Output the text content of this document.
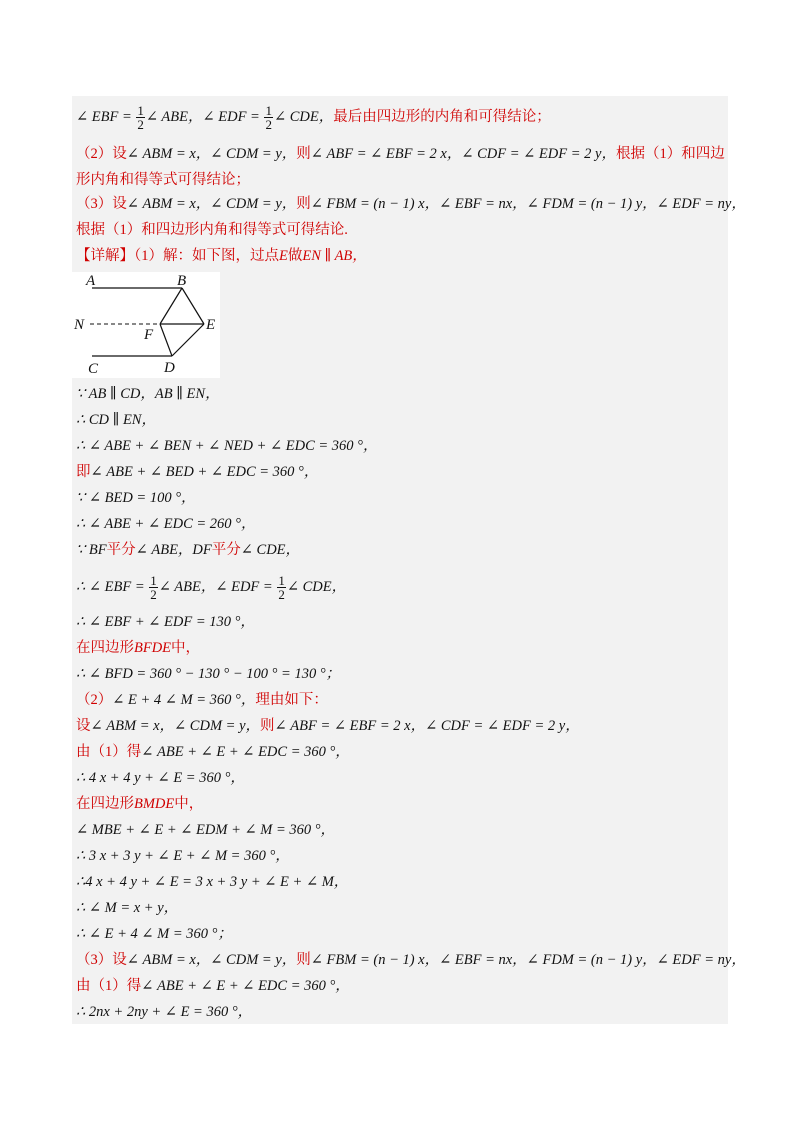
∠ EBF = $\frac{1}{2}$ ∠ ABE，∠ EDF = $\frac{1}{2}$ ∠ CDE，最后由四边形的内角和可得结论；
（2）设∠ ABM = x，∠ CDM = y，则∠ ABF = ∠ EBF = 2 x，∠ CDF = ∠ EDF = 2 y，根据（1）和四边
形内角和得等式可得结论；
（3）设∠ ABM = x，∠ CDM = y，则∠ FBM = (n − 1) x，∠ EBF = nx，∠ FDM = (n − 1) y，∠ EDF = ny，
根据（1）和四边形内角和得等式可得结论.
【详解】（1）解：如下图，过点E做EN ∥ AB，
∵ AB ∥ CD，AB ∥ EN，
∴ CD ∥ EN，
∴ ∠ ABE + ∠ BEN + ∠ NED + ∠ EDC = 360 °，
即∠ ABE + ∠ BED + ∠ EDC = 360 °，
∵ ∠ BED = 100 °，
∴ ∠ ABE + ∠ EDC = 260 °，
∵ BF平分∠ ABE，DF平分∠ CDE，
∴ ∠ EBF = $\frac{1}{2}$ ∠ ABE，∠ EDF = $\frac{1}{2}$ ∠ CDE，
∴ ∠ EBF + ∠ EDF = 130 °，
在四边形BFDE中，
∴ ∠ BFD = 360 ° − 130 ° − 100 ° = 130 °；
（2）∠ E + 4 ∠ M = 360 °，理由如下：
设∠ ABM = x，∠ CDM = y，则∠ ABF = ∠ EBF = 2 x，∠ CDF = ∠ EDF = 2 y，
由（1）得∠ ABE + ∠ E + ∠ EDC = 360 °，
∴ 4 x + 4 y + ∠ E = 360 °，
在四边形BMDE中，
∠ MBE + ∠ E + ∠ EDM + ∠ M = 360 °，
∴ 3 x + 3 y + ∠ E + ∠ M = 360 °，
∴4 x + 4 y + ∠ E = 3 x + 3 y + ∠ E + ∠ M，
∴ ∠ M = x + y，
∴ ∠ E + 4 ∠ M = 360 °；
（3）设∠ ABM = x，∠ CDM = y，则∠ FBM = (n − 1) x，∠ EBF = nx，∠ FDM = (n − 1) y，∠ EDF = ny，
由（1）得∠ ABE + ∠ E + ∠ EDC = 360 °，
∴ 2nx + 2ny + ∠ E = 360 °，
A	B
N
F
E
C	D
